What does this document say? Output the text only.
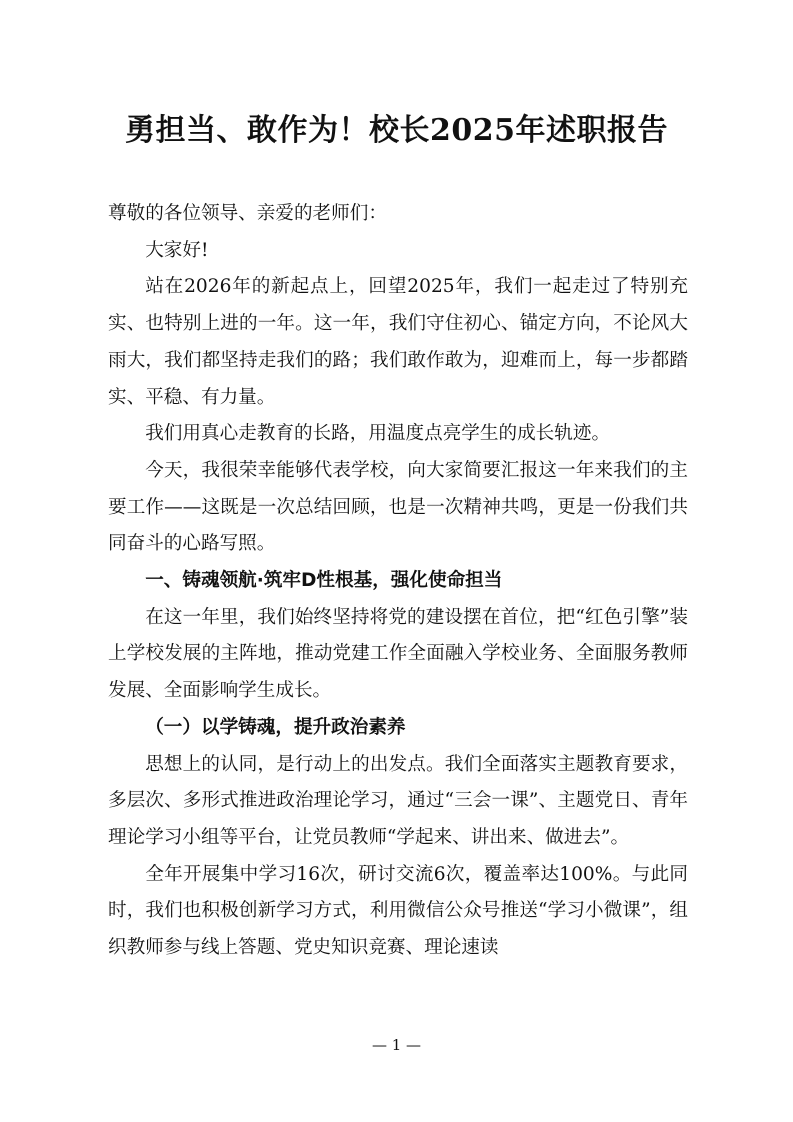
勇担当、敢作为！校长2025年述职报告

尊敬的各位领导、亲爱的老师们：

大家好!

站在2026年的新起点上，回望2025年，我们一起走过了特别充实、也特别上进的一年。这一年，我们守住初心、锚定方向，不论风大雨大，我们都坚持走我们的路；我们敢作敢为，迎难而上，每一步都踏实、平稳、有力量。

我们用真心走教育的长路，用温度点亮学生的成长轨迹。

今天，我很荣幸能够代表学校，向大家简要汇报这一年来我们的主要工作——这既是一次总结回顾，也是一次精神共鸣，更是一份我们共同奋斗的心路写照。

一、铸魂领航·筑牢D性根基，强化使命担当

在这一年里，我们始终坚持将党的建设摆在首位，把“红色引擎”装上学校发展的主阵地，推动党建工作全面融入学校业务、全面服务教师发展、全面影响学生成长。

（一）以学铸魂，提升政治素养

思想上的认同，是行动上的出发点。我们全面落实主题教育要求，多层次、多形式推进政治理论学习，通过“三会一课”、主题党日、青年理论学习小组等平台，让党员教师“学起来、讲出来、做进去”。

全年开展集中学习16次，研讨交流6次，覆盖率达100%。与此同时，我们也积极创新学习方式，利用微信公众号推送“学习小微课”，组织教师参与线上答题、党史知识竞赛、理论速读

— 1 —
